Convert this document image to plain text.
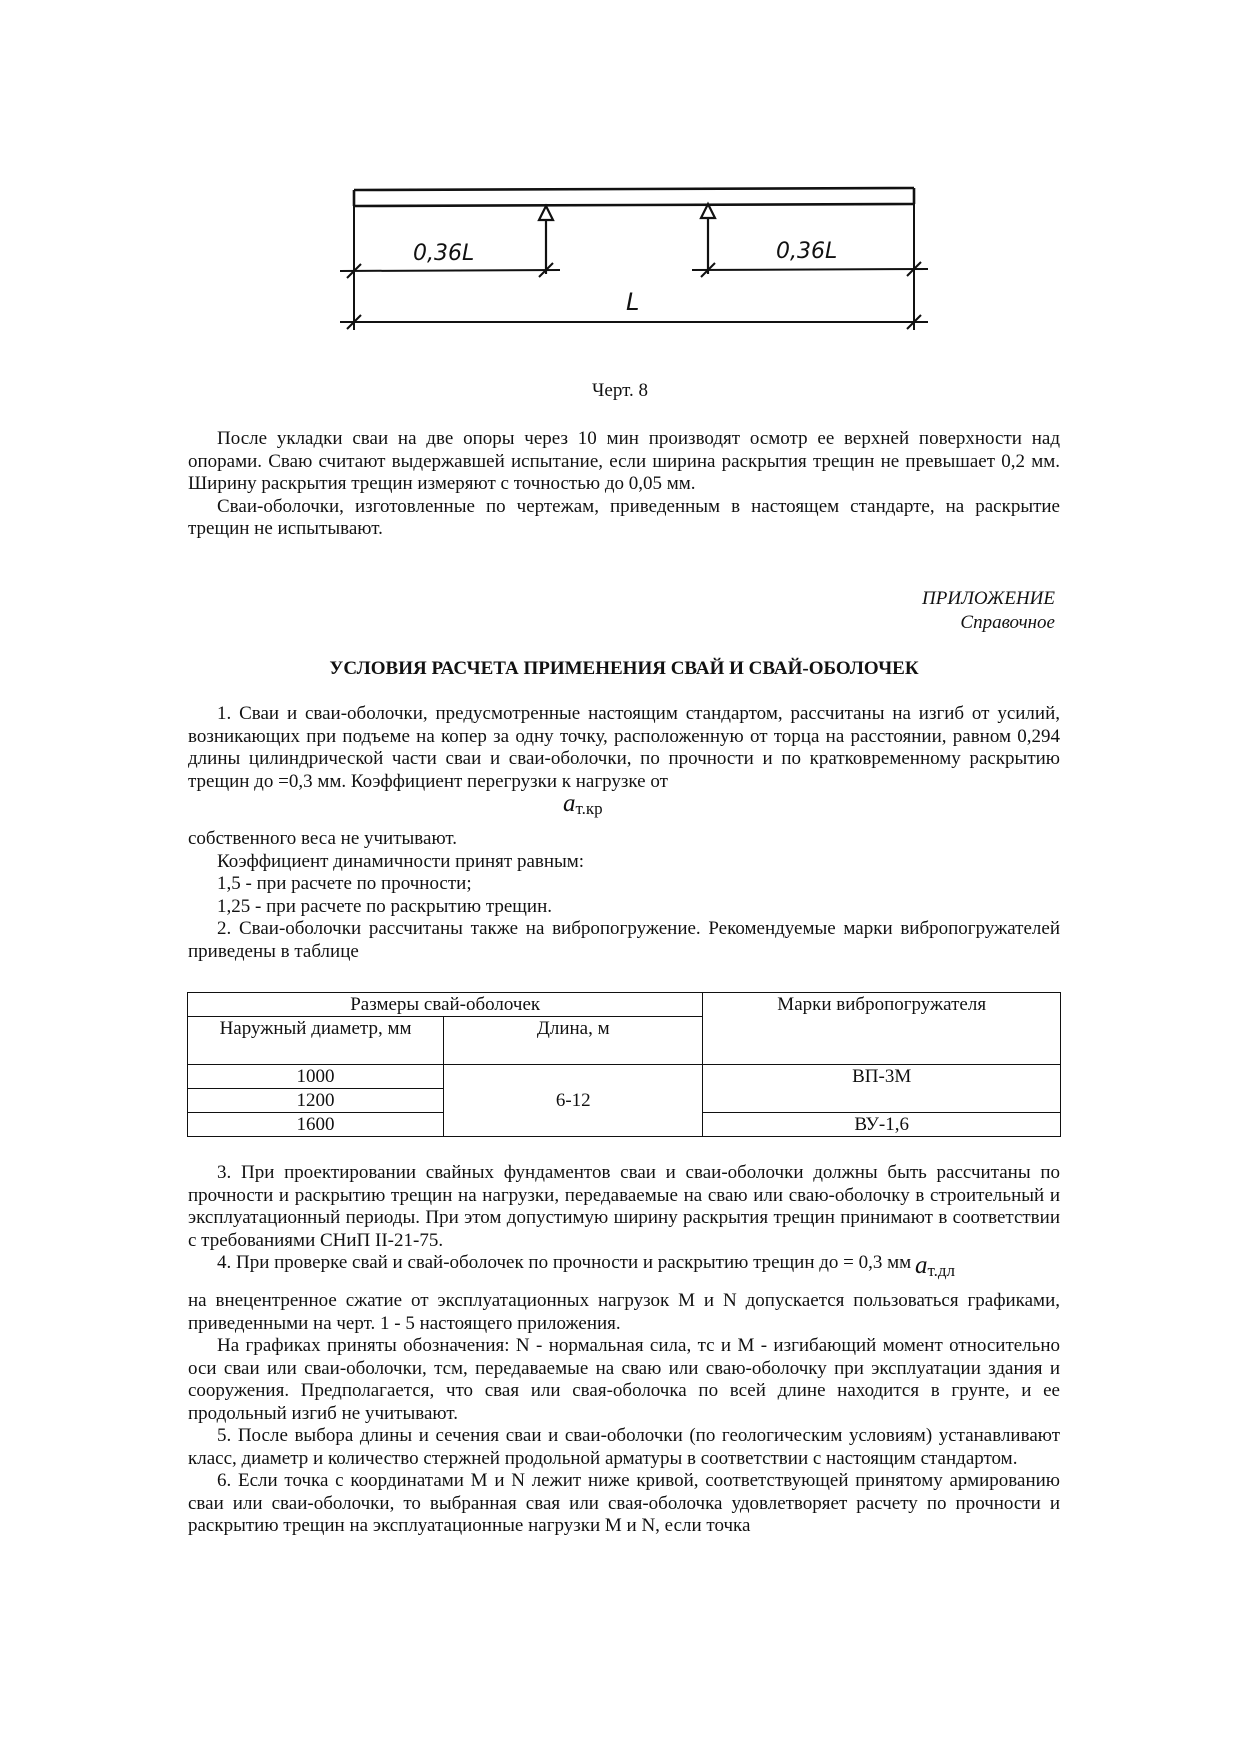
0,36L	0,36L
L
Черт. 8

После укладки сваи на две опоры через 10 мин производят осмотр ее верхней поверхности над опорами. Сваю считают выдержавшей испытание, если ширина раскрытия трещин не превышает 0,2 мм. Ширину раскрытия трещин измеряют с точностью до 0,05 мм.

Сваи-оболочки, изготовленные по чертежам, приведенным в настоящем стандарте, на раскрытие трещин не испытывают.

ПРИЛОЖЕНИЕ
Справочное
УСЛОВИЯ РАСЧЕТА ПРИМЕНЕНИЯ СВАЙ И СВАЙ-ОБОЛОЧЕК

1. Сваи и сваи-оболочки, предусмотренные настоящим стандартом, рассчитаны на изгиб от усилий, возникающих при подъеме на копер за одну точку, расположенную от торца на расстоянии, равном 0,294 длины цилиндрической части сваи и сваи-оболочки, по прочности и по кратковременному раскрытию трещин до =0,3 мм. Коэффициент перегрузки к нагрузке от

$a_{т.кр}$

собственного веса не учитывают.

Коэффициент динамичности принят равным:

1,5 - при расчете по прочности;

1,25 - при расчете по раскрытию трещин.

2. Сваи-оболочки рассчитаны также на вибропогружение. Рекомендуемые марки вибропогружателей приведены в таблице

Размеры свай-оболочек		Марки вибропогружателя
Наружный диаметр, мм	Длина, м	
1000	6-12	ВП-3М
1200		
1600		ВУ-1,6

3. При проектировании свайных фундаментов сваи и сваи-оболочки должны быть рассчитаны по прочности и раскрытию трещин на нагрузки, передаваемые на сваю или сваю-оболочку в строительный и эксплуатационный периоды. При этом допустимую ширину раскрытия трещин принимают в соответствии с требованиями СНиП II-21-75.

4. При проверке свай и свай-оболочек по прочности и раскрытию трещин до = 0,3 мм $a_{т.дл}$

на внецентренное сжатие от эксплуатационных нагрузок M и N допускается пользоваться графиками, приведенными на черт. 1 - 5 настоящего приложения.

На графиках приняты обозначения: N - нормальная сила, тс и M - изгибающий момент относительно оси сваи или сваи-оболочки, тсм, передаваемые на сваю или сваю-оболочку при эксплуатации здания и сооружения. Предполагается, что свая или свая-оболочка по всей длине находится в грунте, и ее продольный изгиб не учитывают.

5. После выбора длины и сечения сваи и сваи-оболочки (по геологическим условиям) устанавливают класс, диаметр и количество стержней продольной арматуры в соответствии с настоящим стандартом.

6. Если точка с координатами M и N лежит ниже кривой, соответствующей принятому армированию сваи или сваи-оболочки, то выбранная свая или свая-оболочка удовлетворяет расчету по прочности и раскрытию трещин на эксплуатационные нагрузки M и N, если точка
